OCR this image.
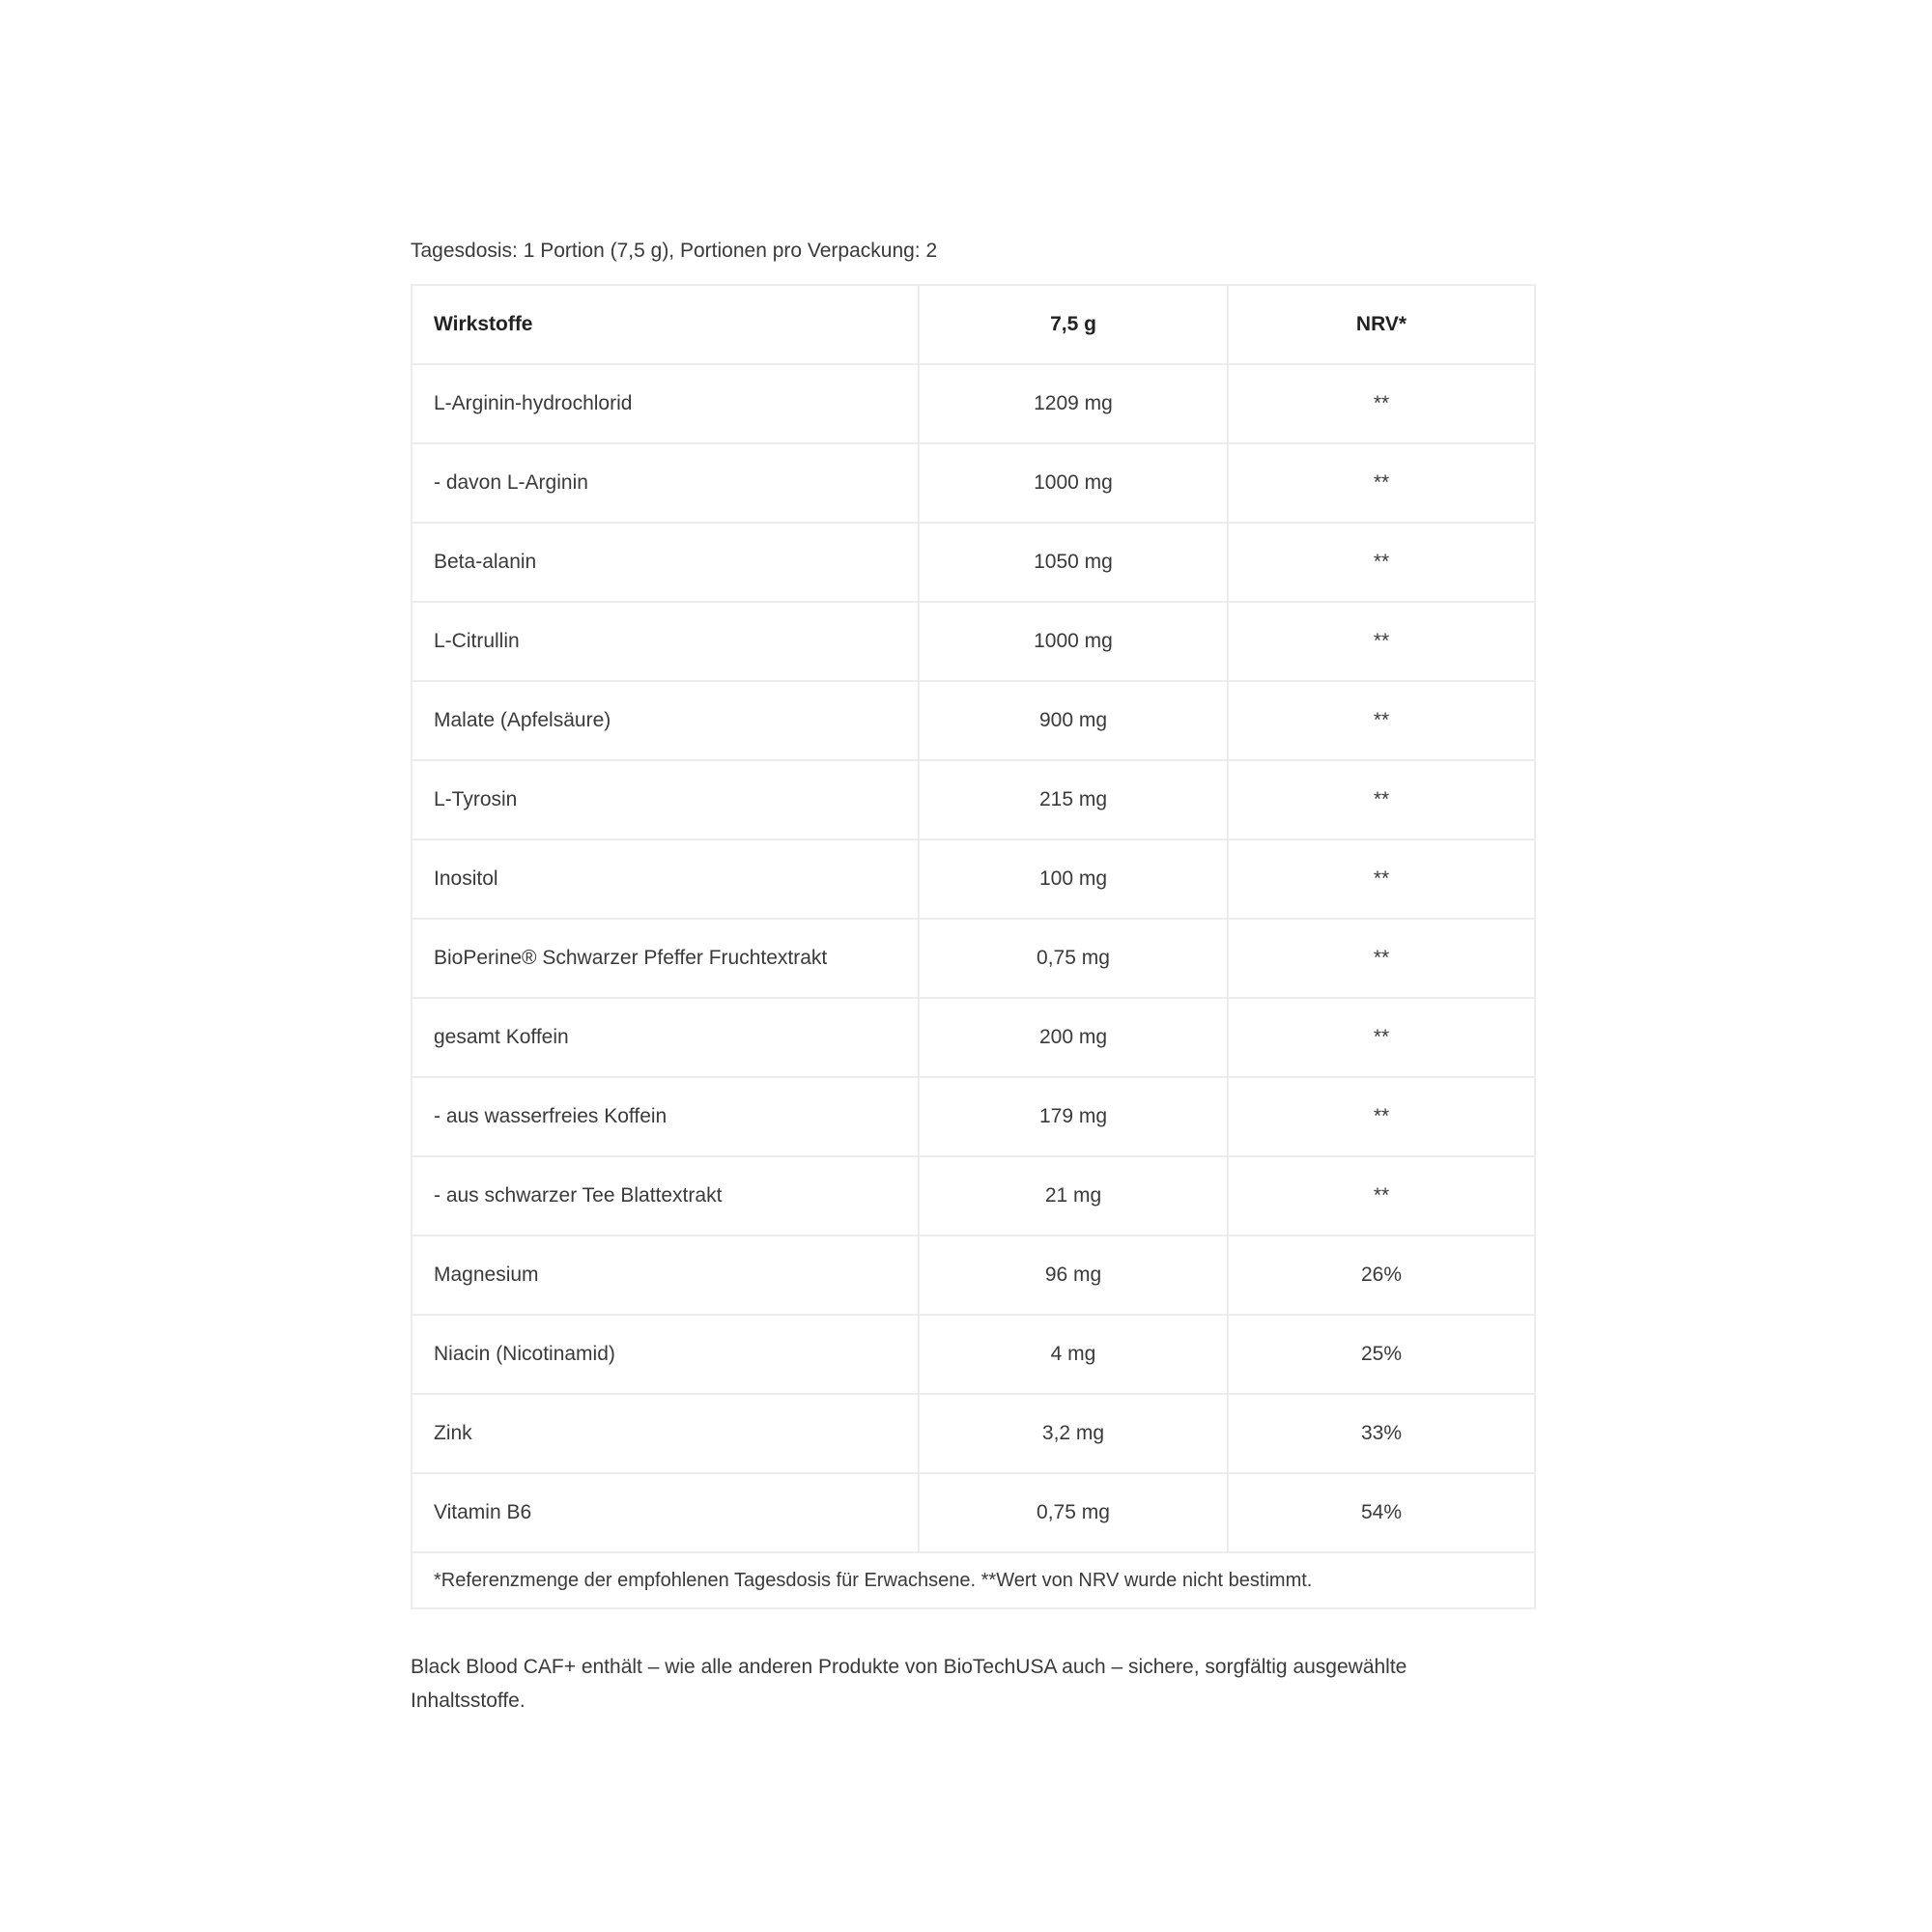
Tagesdosis: 1 Portion (7,5 g), Portionen pro Verpackung: 2

Wirkstoffe	7,5 g	NRV*
L-Arginin-hydrochlorid	1209 mg	**
- davon L-Arginin	1000 mg	**
Beta-alanin	1050 mg	**
L-Citrullin	1000 mg	**
Malate (Apfelsäure)	900 mg	**
L-Tyrosin	215 mg	**
Inositol	100 mg	**
BioPerine® Schwarzer Pfeffer Fruchtextrakt	0,75 mg	**
gesamt Koffein	200 mg	**
- aus wasserfreies Koffein	179 mg	**
- aus schwarzer Tee Blattextrakt	21 mg	**
Magnesium	96 mg	26%
Niacin (Nicotinamid)	4 mg	25%
Zink	3,2 mg	33%
Vitamin B6	0,75 mg	54%
*Referenzmenge der empfohlenen Tagesdosis für Erwachsene. **Wert von NRV wurde nicht bestimmt.		

Black Blood CAF+ enthält – wie alle anderen Produkte von BioTechUSA auch – sichere, sorgfältig ausgewählte Inhaltsstoffe.
